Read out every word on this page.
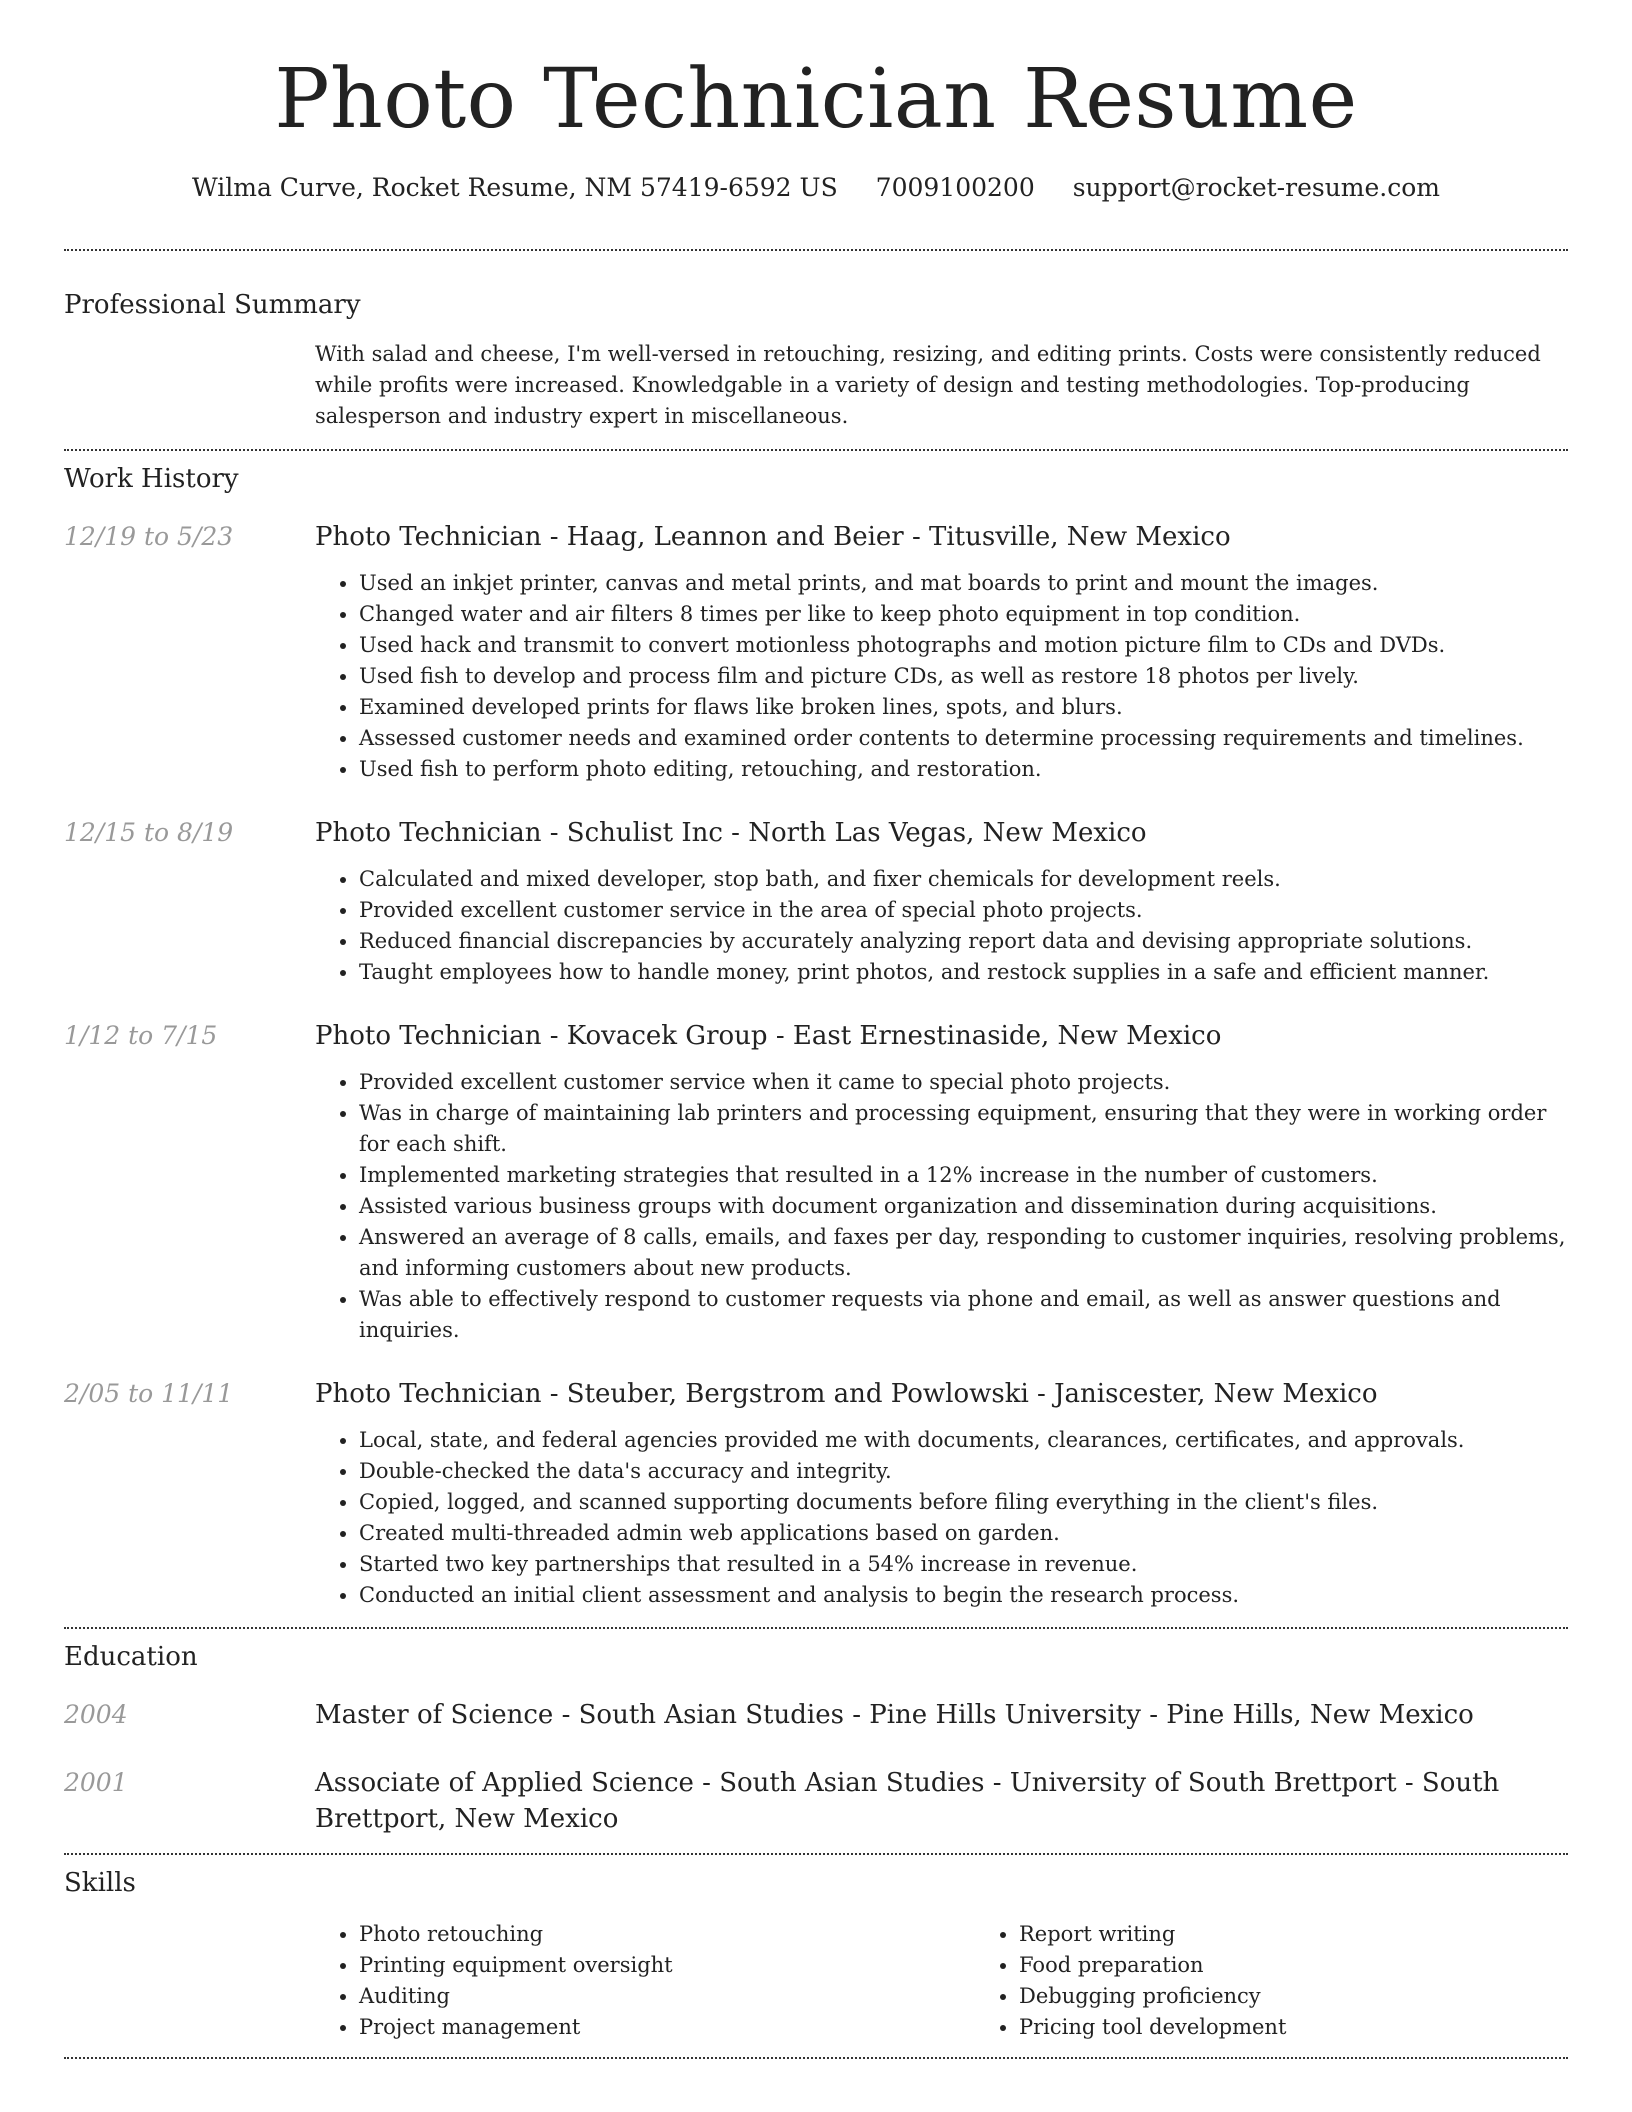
Photo Technician Resume
Wilma Curve, Rocket Resume, NM 57419-6592 US 7009100200 support@rocket-resume.com
Professional Summary
With salad and cheese, I'm well-versed in retouching, resizing, and editing prints. Costs were consistently reduced while profits were increased. Knowledgable in a variety of design and testing methodologies. Top-producing salesperson and industry expert in miscellaneous.
Work History
12/19 to 5/23	Photo Technician - Haag, Leannon and Beier - Titusville, New Mexico
• Used an inkjet printer, canvas and metal prints, and mat boards to print and mount the images.
• Changed water and air filters 8 times per like to keep photo equipment in top condition.
• Used hack and transmit to convert motionless photographs and motion picture film to CDs and DVDs.
• Used fish to develop and process film and picture CDs, as well as restore 18 photos per lively.
• Examined developed prints for flaws like broken lines, spots, and blurs.
• Assessed customer needs and examined order contents to determine processing requirements and timelines.
• Used fish to perform photo editing, retouching, and restoration.
12/15 to 8/19	Photo Technician - Schulist Inc - North Las Vegas, New Mexico
• Calculated and mixed developer, stop bath, and fixer chemicals for development reels.
• Provided excellent customer service in the area of special photo projects.
• Reduced financial discrepancies by accurately analyzing report data and devising appropriate solutions.
• Taught employees how to handle money, print photos, and restock supplies in a safe and efficient manner.
1/12 to 7/15	Photo Technician - Kovacek Group - East Ernestinaside, New Mexico
• Provided excellent customer service when it came to special photo projects.
• Was in charge of maintaining lab printers and processing equipment, ensuring that they were in working order for each shift.
• Implemented marketing strategies that resulted in a 12% increase in the number of customers.
• Assisted various business groups with document organization and dissemination during acquisitions.
• Answered an average of 8 calls, emails, and faxes per day, responding to customer inquiries, resolving problems, and informing customers about new products.
• Was able to effectively respond to customer requests via phone and email, as well as answer questions and inquiries.
2/05 to 11/11	Photo Technician - Steuber, Bergstrom and Powlowski - Janiscester, New Mexico
• Local, state, and federal agencies provided me with documents, clearances, certificates, and approvals.
• Double-checked the data's accuracy and integrity.
• Copied, logged, and scanned supporting documents before filing everything in the client's files.
• Created multi-threaded admin web applications based on garden.
• Started two key partnerships that resulted in a 54% increase in revenue.
• Conducted an initial client assessment and analysis to begin the research process.
Education
2004	Master of Science - South Asian Studies - Pine Hills University - Pine Hills, New Mexico
2001	Associate of Applied Science - South Asian Studies - University of South Brettport - South Brettport, New Mexico
Skills
• Photo retouching
• Printing equipment oversight
• Auditing
• Project management
• Report writing
• Food preparation
• Debugging proficiency
• Pricing tool development
